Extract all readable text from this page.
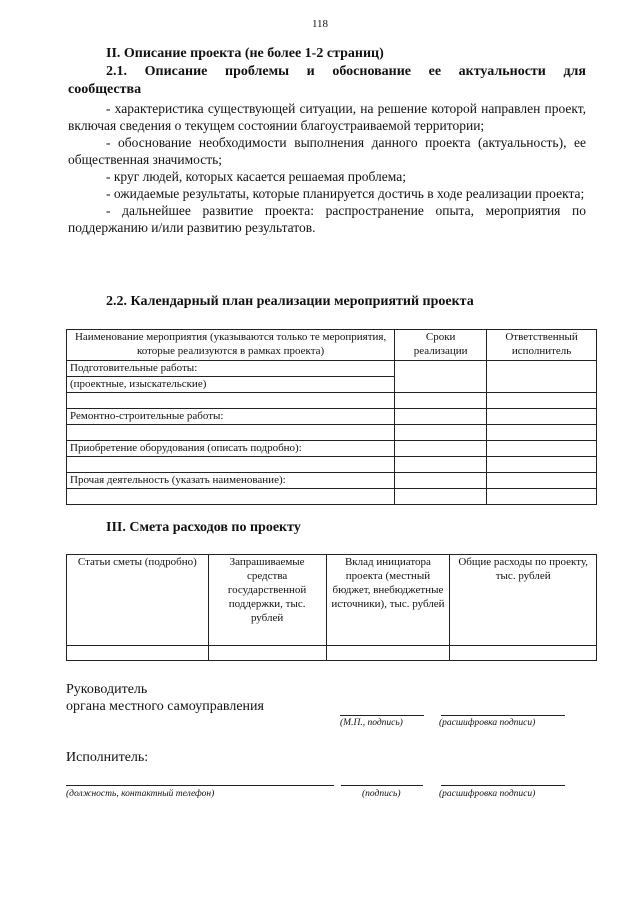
118
II. Описание проекта (не более 1-2 страниц)
2.1. Описание проблемы и обоснование ее актуальности для
сообщества
- характеристика существующей ситуации, на решение которой направлен проект, включая сведения о текущем состоянии благоустраиваемой территории;
- обоснование необходимости выполнения данного проекта (актуальность), ее общественная значимость;
- круг людей, которых касается решаемая проблема;
- ожидаемые результаты, которые планируется достичь в ходе реализации проекта;
- дальнейшее развитие проекта: распространение опыта, мероприятия по поддержанию и/или развитию результатов.
2.2. Календарный план реализации мероприятий проекта
Наименование мероприятия (указываются только те мероприятия, которые реализуются в рамках проекта)	Сроки реализации	Ответственный исполнитель
Подготовительные работы:		
(проектные, изыскательские)		

Ремонтно-строительные работы:		

Приобретение оборудования (описать подробно):		

Прочая деятельность (указать наименование):		

III. Смета расходов по проекту
Статьи сметы (подробно)	Запрашиваемые средства государственной поддержки, тыс. рублей	Вклад инициатора проекта (местный бюджет, внебюджетные источники), тыс. рублей	Общие расходы по проекту, тыс. рублей

Руководитель
органа местного самоуправления
(М.П., подпись)	(расшифровка подписи)
Исполнитель:
(должность, контактный телефон)	(подпись)	(расшифровка подписи)
